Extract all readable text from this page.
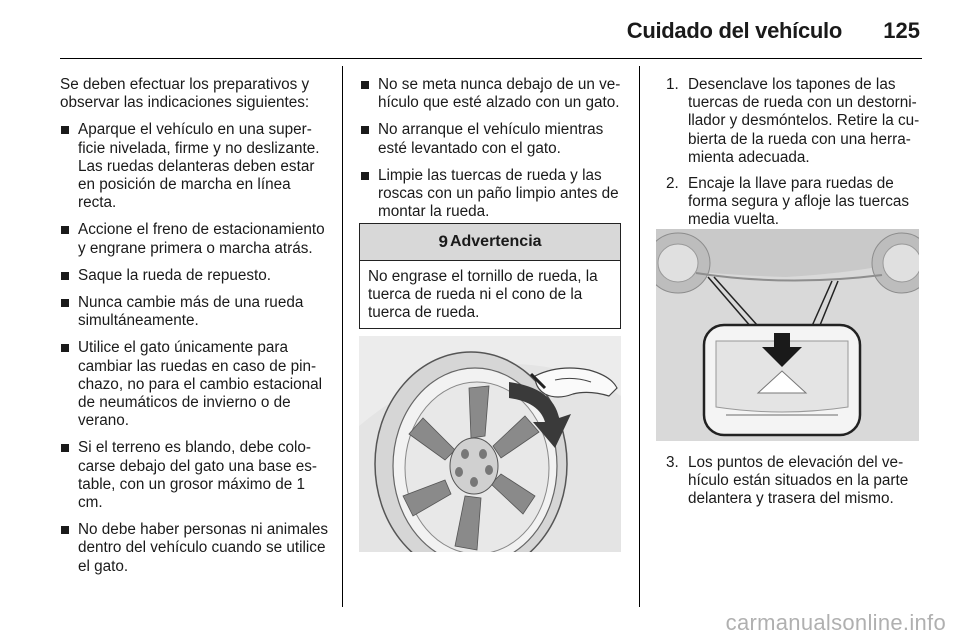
Cuidado del vehículo 125

Se deben efectuar los preparativos y observar las indicaciones siguientes:

Aparque el vehículo en una superficie nivelada, firme y no deslizante. Las ruedas delanteras deben estar en posición de marcha en línea recta.
Accione el freno de estacionamiento y engrane primera o marcha atrás.
Saque la rueda de repuesto.
Nunca cambie más de una rueda simultáneamente.
Utilice el gato únicamente para cambiar las ruedas en caso de pinchazo, no para el cambio estacional de neumáticos de invierno o de verano.
Si el terreno es blando, debe colocarse debajo del gato una base estable, con un grosor máximo de 1 cm.
No debe haber personas ni animales dentro del vehículo cuando se utilice el gato.
No se meta nunca debajo de un vehículo que esté alzado con un gato.
No arranque el vehículo mientras esté levantado con el gato.
Limpie las tuercas de rueda y las roscas con un paño limpio antes de montar la rueda.
9 Advertencia
No engrase el tornillo de rueda, la tuerca de rueda ni el cono de la tuerca de rueda.
1. Desenclave los tapones de las tuercas de rueda con un destornillador y desmóntelos. Retire la cubierta de la rueda con una herramienta adecuada.
2. Encaje la llave para ruedas de forma segura y afloje las tuercas media vuelta.
3. Los puntos de elevación del vehículo están situados en la parte delantera y trasera del mismo.
carmanualsonline.info
